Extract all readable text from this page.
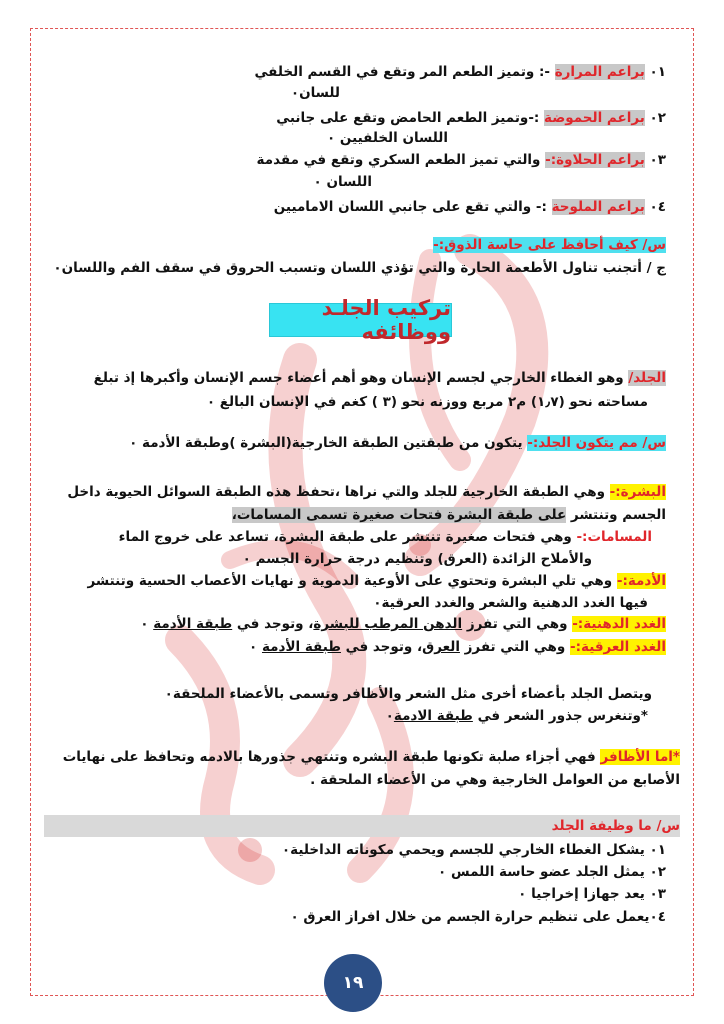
٠١ براعم المرارة -: وتميز الطعم المر وتقع في القسم الخلفي
للسان٠
٠٢ براعم الحموضة :-وتميز الطعم الحامض وتقع على جانبي
اللسان الخلفيين ٠
٠٣ براعم الحلاوة:- والتي تميز الطعم السكري وتقع في مقدمة
اللسان ٠
٠٤ براعم الملوحة :- والتي تقع على جانبي اللسان الاماميين
س/ كيف أحافظ على حاسة الذوق:-
ج / أتجنب تناول الأطعمة الحارة والتي تؤذي اللسان وتسبب الحروق في سقف الفم واللسان٠
تركيب الجلـد ووظائفه
الجلد/ وهو الغطاء الخارجي لجسم الإنسان وهو أهم أعضاء جسم الإنسان وأكبرها إذ تبلغ
مساحته نحو (١٫٧) م٢ مربع ووزنه نحو (٣ ) كغم في الإنسان البالغ ٠
س/ مم يتكون الجلد:- يتكون من طبقتين الطبقة الخارجية(البشرة )وطبقة الأدمة ٠
البشرة:- وهي الطبقة الخارجية للجلد والتي نراها ،تحفظ هذه الطبقة السوائل الحيوية داخل
الجسم وتنتشر على طبقة البشرة فتحات صغيرة تسمى المسامات،
المسامات:- وهي فتحات صغيرة تنتشر على طبقة البشرة، تساعد على خروج الماء
والأملاح الزائدة (العرق) وتنظيم درجة حرارة الجسم ٠
الأدمة:- وهي تلي البشرة وتحتوي على الأوعية الدموية و نهايات الأعصاب الحسية وتنتشر
فيها الغدد الدهنية والشعر والغدد العرقية٠
الغدد الدهنية:- وهي التي تفرز الدهن المرطب للبشرة، وتوجد في طبقة الأدمة ٠
الغدد العرقية:- وهي التي تفرز العرق، وتوجد في طبقة الأدمة ٠
ويتصل الجلد بأعضاء أخرى مثل الشعر والأظافر وتسمى بالأعضاء الملحقة٠
*وتنغرس جذور الشعر في طبقة الادمة٠
*اما الأظافر فهي أجزاء صلبة تكونها طبقة البشره وتنتهي جذورها بالادمه وتحافظ على نهايات
الأصابع من العوامل الخارجية وهي من الأعضاء الملحقة .
س/ ما وظيفة الجلد
٠١ يشكل الغطاء الخارجي للجسم ويحمي مكوناته الداخلية٠
٠٢ يمثل الجلد عضو حاسة اللمس ٠
٠٣ يعد جهازا إخراجيا ٠
٠٤يعمل على تنظيم حرارة الجسم من خلال افراز العرق ٠
١٩
